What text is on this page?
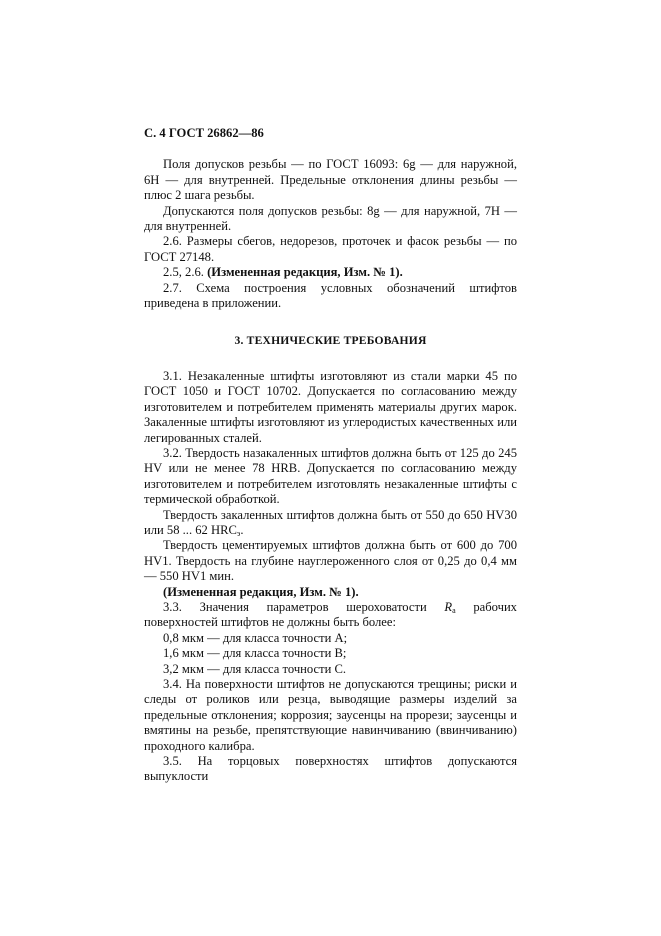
С. 4 ГОСТ 26862—86

Поля допусков резьбы — по ГОСТ 16093: 6g — для наружной, 6H — для внутренней. Предельные отклонения длины резьбы — плюс 2 шага резьбы.

Допускаются поля допусков резьбы: 8g — для наружной, 7H — для внутренней.

2.6. Размеры сбегов, недорезов, проточек и фасок резьбы — по ГОСТ 27148.

2.5, 2.6. (Измененная редакция, Изм. № 1).

2.7. Схема построения условных обозначений штифтов приведена в приложении.

3. ТЕХНИЧЕСКИЕ ТРЕБОВАНИЯ

3.1. Незакаленные штифты изготовляют из стали марки 45 по ГОСТ 1050 и ГОСТ 10702. Допускается по согласованию между изготовителем и потребителем применять материалы других марок. Закаленные штифты изготовляют из углеродистых качественных или легированных сталей.

3.2. Твердость назакаленных штифтов должна быть от 125 до 245 HV или не менее 78 HRB. Допускается по согласованию между изготовителем и потребителем изготовлять незакаленные штифты с термической обработкой.

Твердость закаленных штифтов должна быть от 550 до 650 HV30 или 58 ... 62 $HRC_э$.

Твердость цементируемых штифтов должна быть от 600 до 700 HV1. Твердость на глубине науглероженного слоя от 0,25 до 0,4 мм — 550 HV1 мин.

(Измененная редакция, Изм. № 1).

3.3. Значения параметров шероховатости $R_a$ рабочих поверхностей штифтов не должны быть более:

0,8 мкм — для класса точности A;

1,6 мкм — для класса точности B;

3,2 мкм — для класса точности C.

3.4. На поверхности штифтов не допускаются трещины; риски и следы от роликов или резца, выводящие размеры изделий за предельные отклонения; коррозия; заусенцы на прорези; заусенцы и вмятины на резьбе, препятствующие навинчиванию (ввинчиванию) проходного калибра.

3.5. На торцовых поверхностях штифтов допускаются выпуклости
